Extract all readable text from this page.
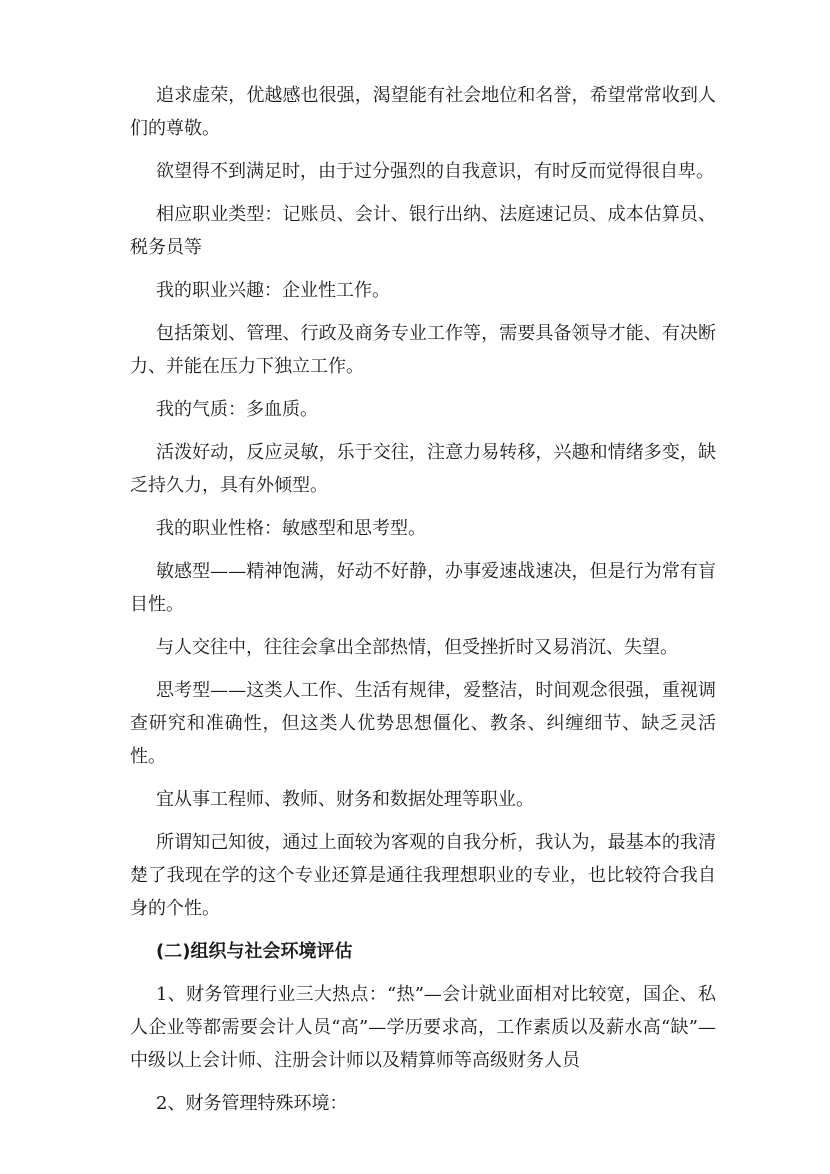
追求虚荣，优越感也很强，渴望能有社会地位和名誉，希望常常收到人们的尊敬。

欲望得不到满足时，由于过分强烈的自我意识，有时反而觉得很自卑。

相应职业类型：记账员、会计、银行出纳、法庭速记员、成本估算员、税务员等

我的职业兴趣：企业性工作。

包括策划、管理、行政及商务专业工作等，需要具备领导才能、有决断力、并能在压力下独立工作。

我的气质：多血质。

活泼好动，反应灵敏，乐于交往，注意力易转移，兴趣和情绪多变，缺乏持久力，具有外倾型。

我的职业性格：敏感型和思考型。

敏感型——精神饱满，好动不好静，办事爱速战速决，但是行为常有盲目性。

与人交往中，往往会拿出全部热情，但受挫折时又易消沉、失望。

思考型——这类人工作、生活有规律，爱整洁，时间观念很强，重视调查研究和准确性，但这类人优势思想僵化、教条、纠缠细节、缺乏灵活性。

宜从事工程师、教师、财务和数据处理等职业。

所谓知己知彼，通过上面较为客观的自我分析，我认为，最基本的我清楚了我现在学的这个专业还算是通往我理想职业的专业，也比较符合我自身的个性。

(二)组织与社会环境评估

1、财务管理行业三大热点：“热”—会计就业面相对比较宽，国企、私人企业等都需要会计人员“高”—学历要求高，工作素质以及薪水高“缺”—中级以上会计师、注册会计师以及精算师等高级财务人员

2、财务管理特殊环境：
